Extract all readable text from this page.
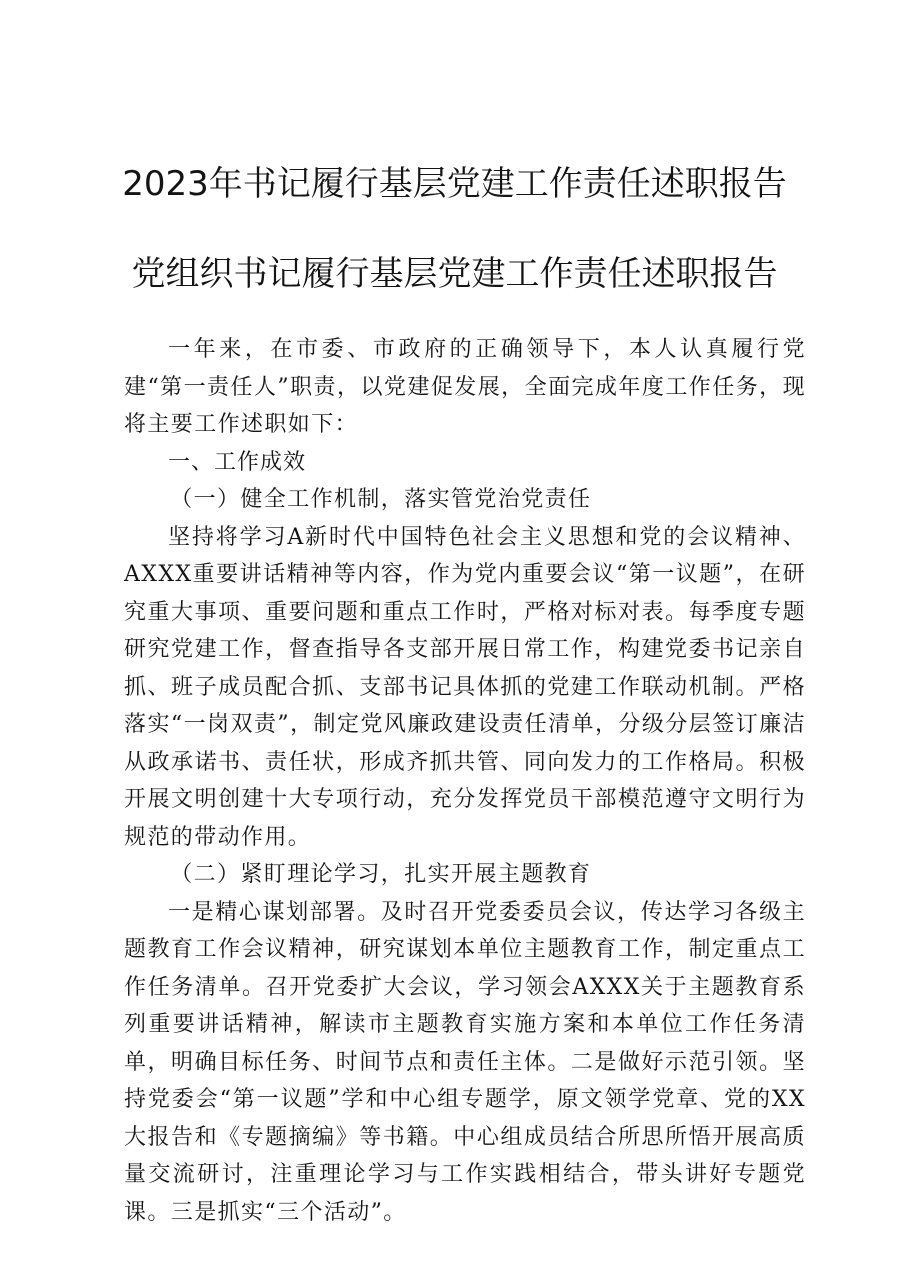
2023年书记履行基层党建工作责任述职报告
党组织书记履行基层党建工作责任述职报告

一年来，在市委、市政府的正确领导下，本人认真履行党建“第一责任人”职责，以党建促发展，全面完成年度工作任务，现将主要工作述职如下：

一、工作成效

（一）健全工作机制，落实管党治党责任

坚持将学习A新时代中国特色社会主义思想和党的会议精神、AXXX重要讲话精神等内容，作为党内重要会议“第一议题”，在研究重大事项、重要问题和重点工作时，严格对标对表。每季度专题研究党建工作，督查指导各支部开展日常工作，构建党委书记亲自抓、班子成员配合抓、支部书记具体抓的党建工作联动机制。严格落实“一岗双责”，制定党风廉政建设责任清单，分级分层签订廉洁从政承诺书、责任状，形成齐抓共管、同向发力的工作格局。积极开展文明创建十大专项行动，充分发挥党员干部模范遵守文明行为规范的带动作用。

（二）紧盯理论学习，扎实开展主题教育

一是精心谋划部署。及时召开党委委员会议，传达学习各级主题教育工作会议精神，研究谋划本单位主题教育工作，制定重点工作任务清单。召开党委扩大会议，学习领会AXXX关于主题教育系列重要讲话精神，解读市主题教育实施方案和本单位工作任务清单，明确目标任务、时间节点和责任主体。二是做好示范引领。坚持党委会“第一议题”学和中心组专题学，原文领学党章、党的XX大报告和《专题摘编》等书籍。中心组成员结合所思所悟开展高质量交流研讨，注重理论学习与工作实践相结合，带头讲好专题党课。三是抓实“三个活动”。
